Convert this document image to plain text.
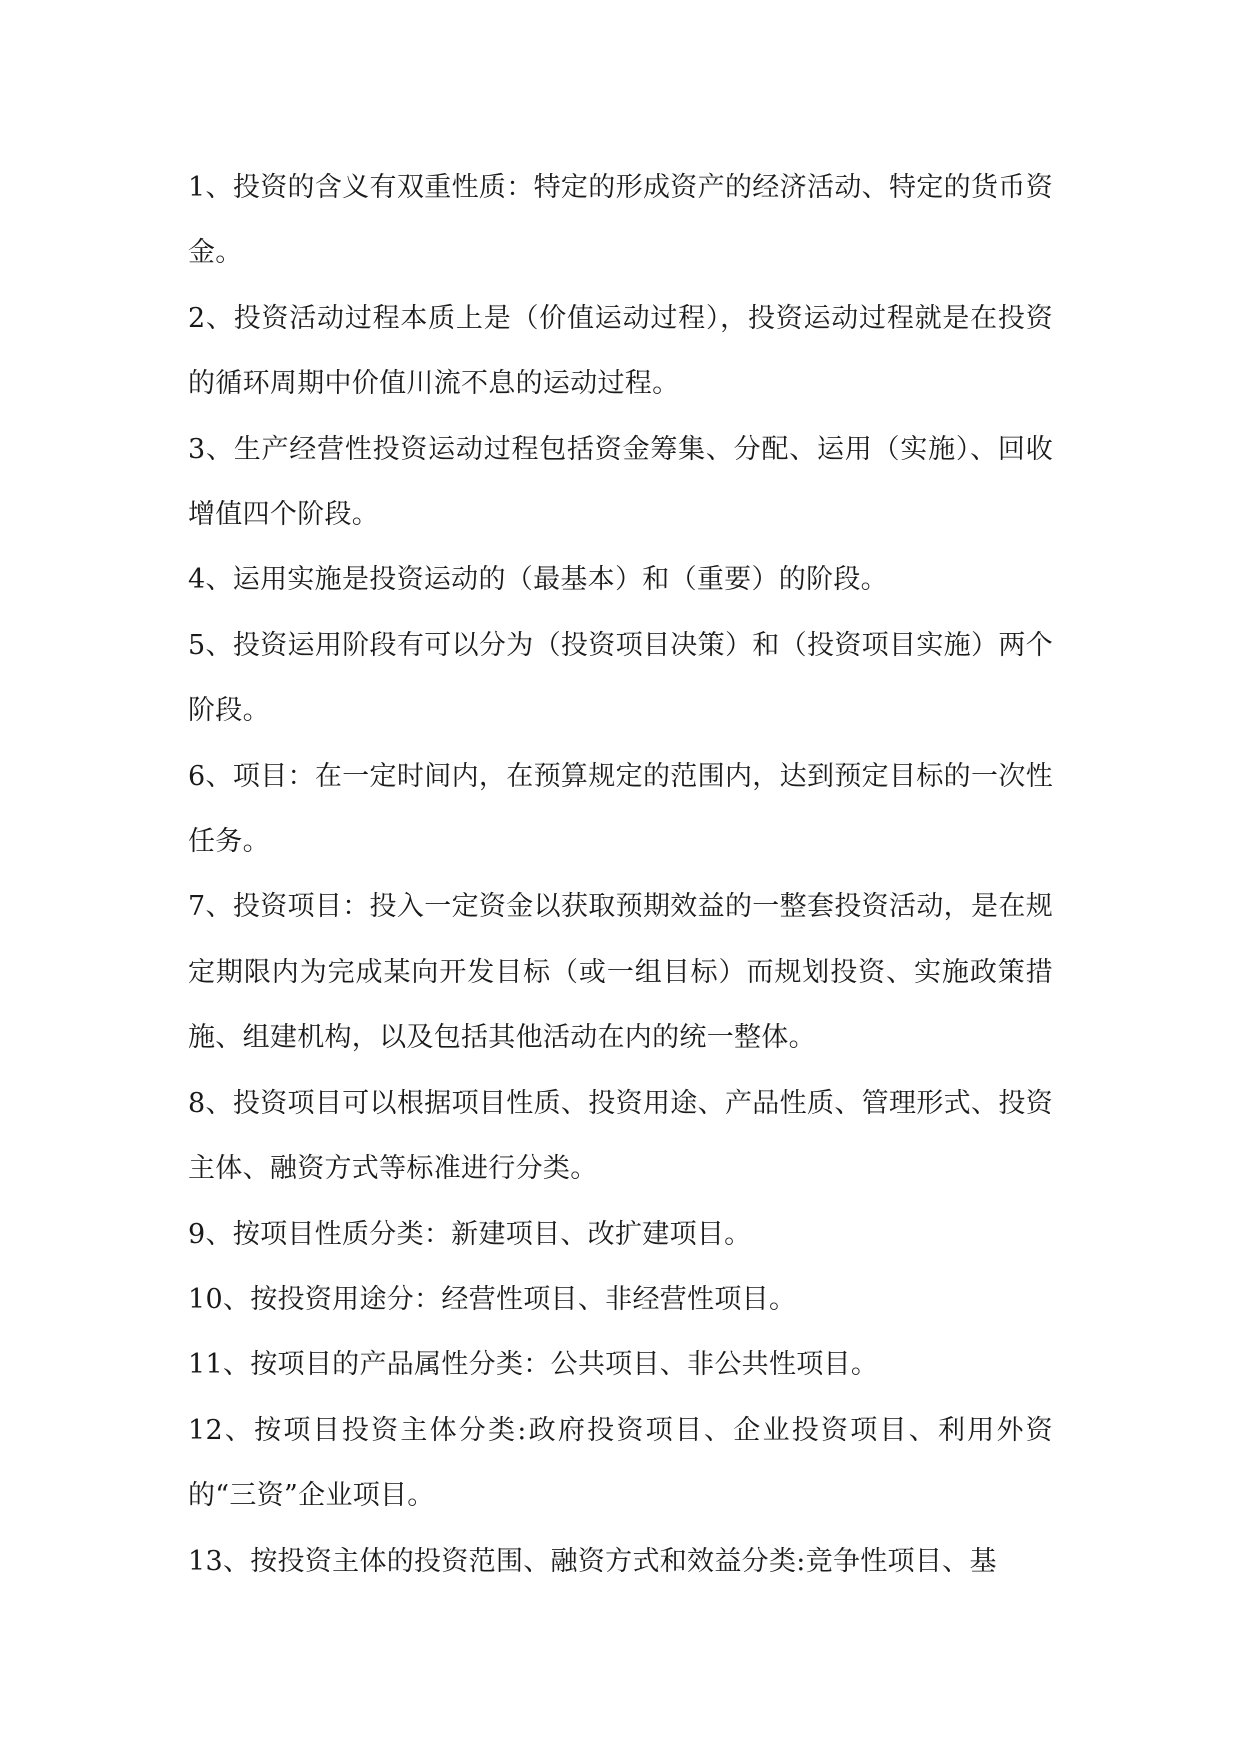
1、投资的含义有双重性质：特定的形成资产的经济活动、特定的货币资金。

2、投资活动过程本质上是（价值运动过程），投资运动过程就是在投资的循环周期中价值川流不息的运动过程。

3、生产经营性投资运动过程包括资金筹集、分配、运用（实施）、回收增值四个阶段。

4、运用实施是投资运动的（最基本）和（重要）的阶段。

5、投资运用阶段有可以分为（投资项目决策）和（投资项目实施）两个阶段。

6、项目：在一定时间内，在预算规定的范围内，达到预定目标的一次性任务。

7、投资项目：投入一定资金以获取预期效益的一整套投资活动，是在规定期限内为完成某向开发目标（或一组目标）而规划投资、实施政策措施、组建机构，以及包括其他活动在内的统一整体。

8、投资项目可以根据项目性质、投资用途、产品性质、管理形式、投资主体、融资方式等标准进行分类。

9、按项目性质分类：新建项目、改扩建项目。

10、按投资用途分：经营性项目、非经营性项目。

11、按项目的产品属性分类：公共项目、非公共性项目。

12、按项目投资主体分类:政府投资项目、企业投资项目、利用外资的“三资”企业项目。

13、按投资主体的投资范围、融资方式和效益分类:竞争性项目、基
